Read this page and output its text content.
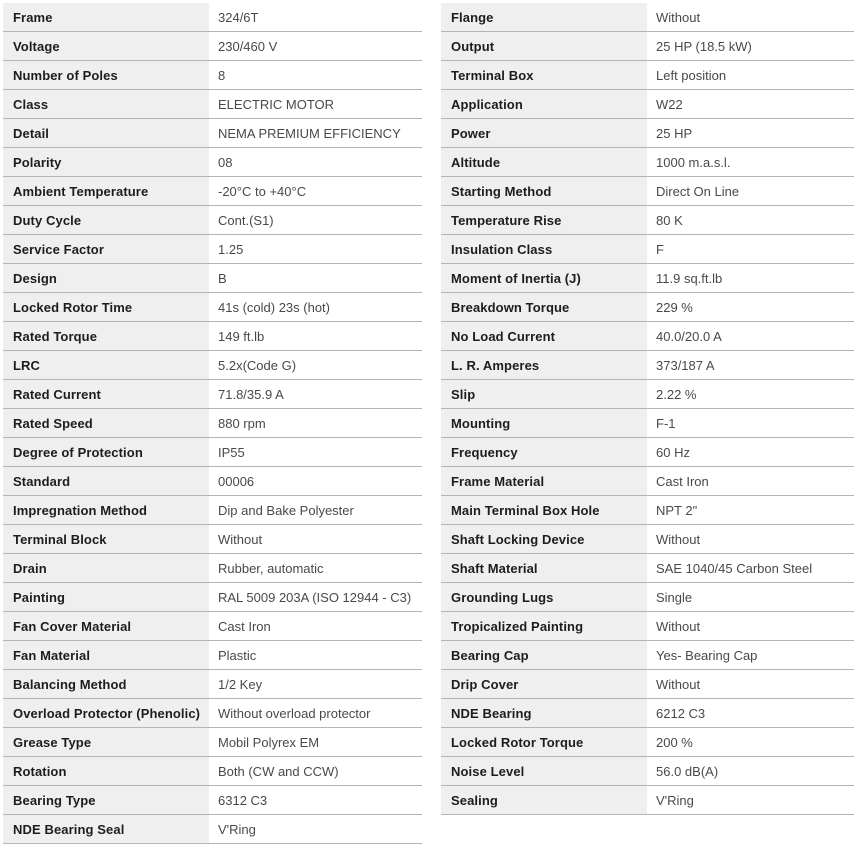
Frame	324/6T
Voltage	230/460 V
Number of Poles	8
Class	ELECTRIC MOTOR
Detail	NEMA PREMIUM EFFICIENCY
Polarity	08
Ambient Temperature	-20°C to +40°C
Duty Cycle	Cont.(S1)
Service Factor	1.25
Design	B
Locked Rotor Time	41s (cold) 23s (hot)
Rated Torque	149 ft.lb
LRC	5.2x(Code G)
Rated Current	71.8/35.9 A
Rated Speed	880 rpm
Degree of Protection	IP55
Standard	00006
Impregnation Method	Dip and Bake Polyester
Terminal Block	Without
Drain	Rubber, automatic
Painting	RAL 5009 203A (ISO 12944 - C3)
Fan Cover Material	Cast Iron
Fan Material	Plastic
Balancing Method	1/2 Key
Overload Protector (Phenolic)	Without overload protector
Grease Type	Mobil Polyrex EM
Rotation	Both (CW and CCW)
Bearing Type	6312 C3
NDE Bearing Seal	V'Ring
Flange	Without
Output	25 HP (18.5 kW)
Terminal Box	Left position
Application	W22
Power	25 HP
Altitude	1000 m.a.s.l.
Starting Method	Direct On Line
Temperature Rise	80 K
Insulation Class	F
Moment of Inertia (J)	11.9 sq.ft.lb
Breakdown Torque	229 %
No Load Current	40.0/20.0 A
L. R. Amperes	373/187 A
Slip	2.22 %
Mounting	F-1
Frequency	60 Hz
Frame Material	Cast Iron
Main Terminal Box Hole	NPT 2"
Shaft Locking Device	Without
Shaft Material	SAE 1040/45 Carbon Steel
Grounding Lugs	Single
Tropicalized Painting	Without
Bearing Cap	Yes- Bearing Cap
Drip Cover	Without
NDE Bearing	6212 C3
Locked Rotor Torque	200 %
Noise Level	56.0 dB(A)
Sealing	V'Ring
